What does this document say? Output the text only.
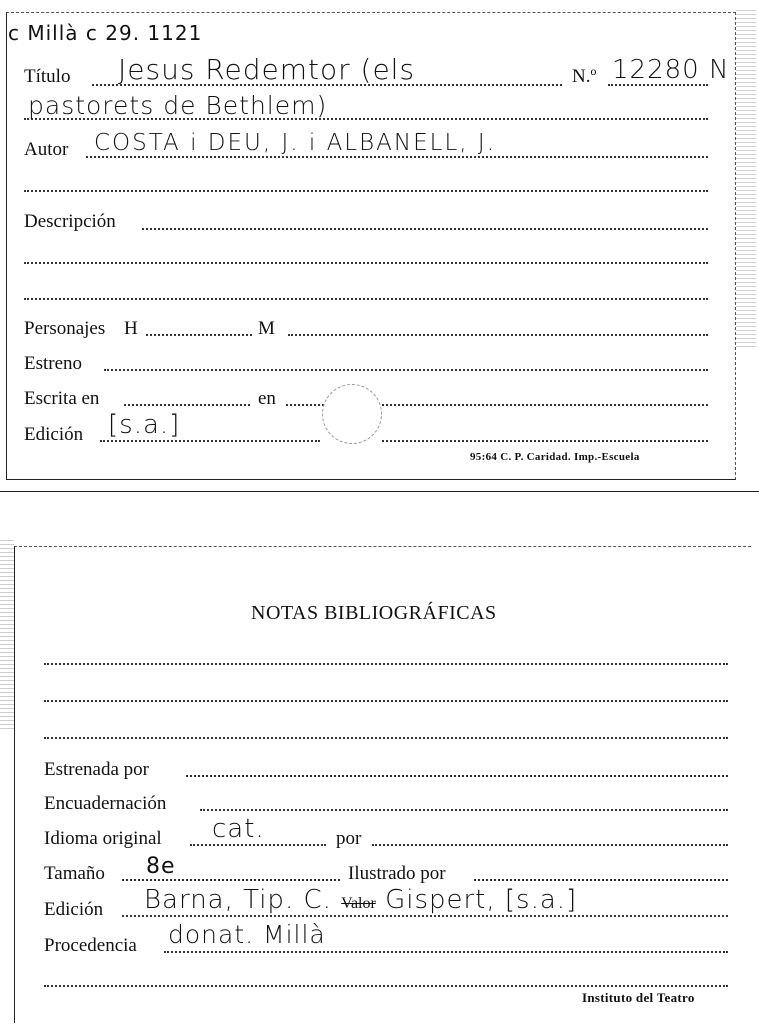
c Millà c 29. 1121
Título Jesus Redemtor (els	N.º 12280 N
pastorets de Bethlem)
Autor COSTA i DEU, J. i ALBANELL, J.
Descripción
Personajes H	M
Estreno
Escrita en	en
Edición [s.a.]
95:64 C. P. Caridad. Imp.-Escuela
NOTAS BIBLIOGRÁFICAS
Estrenada por
Encuadernación
Idioma original cat.	por
Tamaño 8e	Ilustrado por
Edición Barna, Tip. C. Valor Gispert, [s.a.]
Procedencia donat. Millà
Instituto del Teatro
